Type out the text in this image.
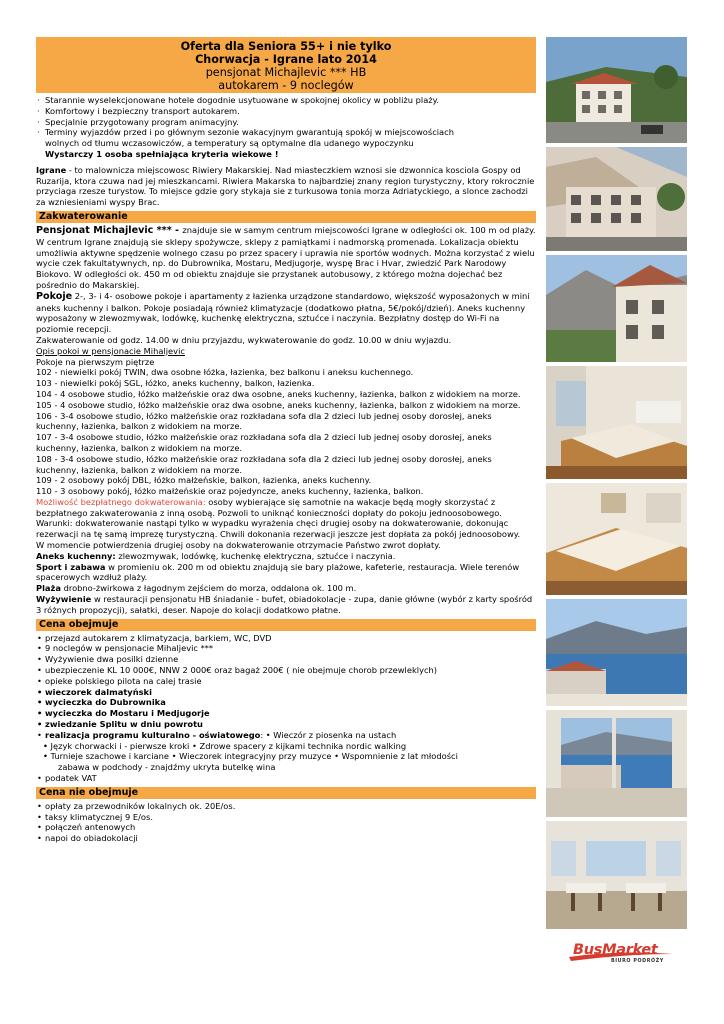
Oferta dla Seniora 55+ i nie tylko
Chorwacja - Igrane lato 2014
pensjonat Michajlevic *** HB
autokarem - 9 noclegów
· Starannie wyselekcjonowane hotele dogodnie usytuowane w spokojnej okolicy w pobliżu plaży.
· Komfortowy i bezpieczny transport autokarem.
· Specjalnie przygotowany program animacyjny.
· Terminy wyjazdów przed i po głównym sezonie wakacyjnym gwarantują spokój w miejscowościach
wolnych od tłumu wczasowiczów, a temperatury są optymalne dla udanego wypoczynku
Wystarczy 1 osoba spełniająca kryteria wiekowe !

Igrane - to malownicza miejscowosc Riwiery Makarskiej. Nad miasteczkiem wznosi sie dzwonnica kosciola Gospy od Ruzarija, ktora czuwa nad jej mieszkancami. Riwiera Makarska to najbardziej znany region turystyczny, ktory rokrocznie przyciaga rzesze turystow. To miejsce gdzie gory stykaja sie z turkusowa tonia morza Adriatyckiego, a slonce zachodzi za wzniesieniami wyspy Brac.

Zakwaterowanie

Pensjonat Michajlevic *** - znajduje sie w samym centrum miejscowości Igrane w odległości ok. 100 m od plaży. W centrum Igrane znajdują sie sklepy spożywcze, sklepy z pamiątkami i nadmorską promenada. Lokalizacja obiektu umożliwia aktywne spędzenie wolnego czasu po przez spacery i uprawia nie sportów wodnych. Można korzystać z wielu wycie czek fakultatywnych, np. do Dubrownika, Mostaru, Medjugorje, wyspę Brac i Hvar, zwiedzić Park Narodowy Biokovo. W odległości ok. 450 m od obiektu znajduje sie przystanek autobusowy, z którego można dojechać bez pośrednio do Makarskiej.

Pokoje 2-, 3- i 4- osobowe pokoje i apartamenty z łazienka urządzone standardowo, większość wyposażonych w mini aneks kuchenny i balkon. Pokoje posiadają również klimatyzacje (dodatkowo płatna, 5€/pokój/dzień). Aneks kuchenny wyposażony w zlewozmywak, lodówkę, kuchenkę elektryczna, sztućce i naczynia. Bezpłatny dostęp do Wi-Fi na poziomie recepcji.

Zakwaterowanie od godz. 14.00 w dniu przyjazdu, wykwaterowanie do godz. 10.00 w dniu wyjazdu.

Opis pokoi w pensjonacie Mihaljevic

Pokoje na pierwszym piętrze

102 - niewielki pokój TWIN, dwa osobne łóżka, łazienka, bez balkonu i aneksu kuchennego.

103 - niewielki pokój SGL, łóżko, aneks kuchenny, balkon, łazienka.

104 - 4 osobowe studio, łóżko małżeńskie oraz dwa osobne, aneks kuchenny, łazienka, balkon z widokiem na morze.

105 - 4 osobowe studio, łóżko małżeńskie oraz dwa osobne, aneks kuchenny, łazienka, balkon z widokiem na morze.

106 - 3-4 osobowe studio, łóżko małżeńskie oraz rozkładana sofa dla 2 dzieci lub jednej osoby dorosłej, aneks kuchenny, łazienka, balkon z widokiem na morze.

107 - 3-4 osobowe studio, łóżko małżeńskie oraz rozkładana sofa dla 2 dzieci lub jednej osoby dorosłej, aneks kuchenny, łazienka, balkon z widokiem na morze.

108 - 3-4 osobowe studio, łóżko małżeńskie oraz rozkładana sofa dla 2 dzieci lub jednej osoby dorosłej, aneks kuchenny, łazienka, balkon z widokiem na morze.

109 - 2 osobowy pokój DBL, łóżko małżeńskie, balkon, łazienka, aneks kuchenny.

110 - 3 osobowy pokój, łóżko małżeńskie oraz pojedyncze, aneks kuchenny, łazienka, balkon.

Możliwość bezpłatnego dokwaterowania: osoby wybierające się samotnie na wakacje będą mogły skorzystać z bezpłatnego zakwaterowania z inną osobą. Pozwoli to uniknąć konieczności dopłaty do pokoju jednoosobowego.

Warunki: dokwaterowanie nastąpi tylko w wypadku wyrażenia chęci drugiej osoby na dokwaterowanie, dokonując rezerwacji na tę samą imprezę turystyczną. Chwili dokonania rezerwacji jeszcze jest dopłata za pokój jednoosobowy.

W momencie potwierdzenia drugiej osoby na dokwaterowanie otrzymacie Państwo zwrot dopłaty.

Aneks kuchenny: zlewozmywak, lodówkę, kuchenkę elektryczna, sztućce i naczynia.

Sport i zabawa w promieniu ok. 200 m od obiektu znajdują sie bary plażowe, kafeterie, restauracja. Wiele terenów spacerowych wzdłuż plaży.

Plaża drobno-żwirkowa z łagodnym zejściem do morza, oddalona ok. 100 m.

Wyżywienie w restauracji pensjonatu HB śniadanie - bufet, obiadokolacje - zupa, danie główne (wybór z karty spośród 3 różnych propozycji), sałatki, deser. Napoje do kolacji dodatkowo płatne.

Cena obejmuje
• przejazd autokarem z klimatyzacja, barkiem, WC, DVD
• 9 noclegów w pensjonacie Mihaljevic ***
• Wyżywienie dwa posilki dzienne
• ubezpieczenie KL 10 000€, NNW 2 000€ oraz bagaż 200€ ( nie obejmuje chorob przewleklych)
• opieke polskiego pilota na calej trasie
• wieczorek dalmatyński
• wycieczka do Dubrownika
• wycieczka do Mostaru i Medjugorje
• zwiedzanie Splitu w dniu powrotu
• realizacja programu kulturalno - oświatowego: • Wieczór z piosenka na ustach
• • Język chorwacki i - pierwsze kroki • Zdrowe spacery z kijkami technika nordic walking
• • Turnieje szachowe i karciane • Wieczorek integracyjny przy muzyce • Wspomnienie z lat młodości
zabawa w podchody - znajdźmy ukryta butelkę wina
• podatek VAT
Cena nie obejmuje
• opłaty za przewodników lokalnych ok. 20E/os.
• taksy klimatycznej 9 E/os.
• połączeń antenowych
• napoi do obiadokolacji
BusMarket
BIURO PODRÓŻY
